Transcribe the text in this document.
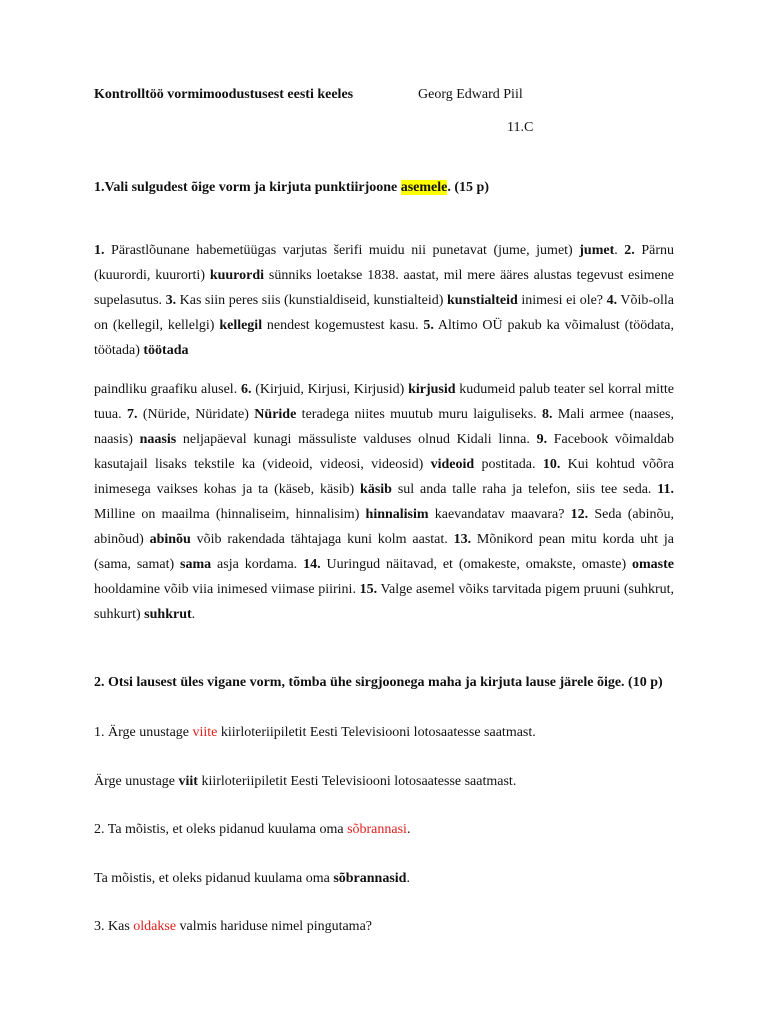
Kontrolltöö vormimoodustusest eesti keeles	Georg Edward Piil

11.C

1.Vali sulgudest õige vorm ja kirjuta punktiirjoone asemele. (15 p)

1. Pärastlõunane habemetüügas varjutas šerifi muidu nii punetavat (jume, jumet) jumet. 2. Pärnu (kuurordi, kuurorti) kuurordi sünniks loetakse 1838. aastat, mil mere ääres alustas tegevust esimene supelasutus. 3. Kas siin peres siis (kunstialdiseid, kunstialteid) kunstialteid inimesi ei ole? 4. Võib-olla on (kellegil, kellelgi) kellegil nendest kogemustest kasu. 5. Altimo OÜ pakub ka võimalust (töödata, töötada) töötada

paindliku graafiku alusel. 6. (Kirjuid, Kirjusi, Kirjusid) kirjusid kudumeid palub teater sel korral mitte tuua. 7. (Nüride, Nüridate) Nüride teradega niites muutub muru laiguliseks. 8. Mali armee (naases, naasis) naasis neljapäeval kunagi mässuliste valduses olnud Kidali linna. 9. Facebook võimaldab kasutajail lisaks tekstile ka (videoid, videosi, videosid) videoid postitada. 10. Kui kohtud võõra inimesega vaikses kohas ja ta (käseb, käsib) käsib sul anda talle raha ja telefon, siis tee seda. 11. Milline on maailma (hinnaliseim, hinnalisim) hinnalisim kaevandatav maavara? 12. Seda (abinõu, abinõud) abinõu võib rakendada tähtajaga kuni kolm aastat. 13. Mõnikord pean mitu korda uht ja (sama, samat) sama asja kordama. 14. Uuringud näitavad, et (omakeste, omakste, omaste) omaste hooldamine võib viia inimesed viimase piirini. 15. Valge asemel võiks tarvitada pigem pruuni (suhkrut, suhkurt) suhkrut.

2. Otsi lausest üles vigane vorm, tõmba ühe sirgjoonega maha ja kirjuta lause järele õige. (10 p)

1. Ärge unustage viite kiirloteriipiletit Eesti Televisiooni lotosaatesse saatmast.

Ärge unustage viit kiirloteriipiletit Eesti Televisiooni lotosaatesse saatmast.

2. Ta mõistis, et oleks pidanud kuulama oma sõbrannasi.

Ta mõistis, et oleks pidanud kuulama oma sõbrannasid.

3. Kas oldakse valmis hariduse nimel pingutama?
